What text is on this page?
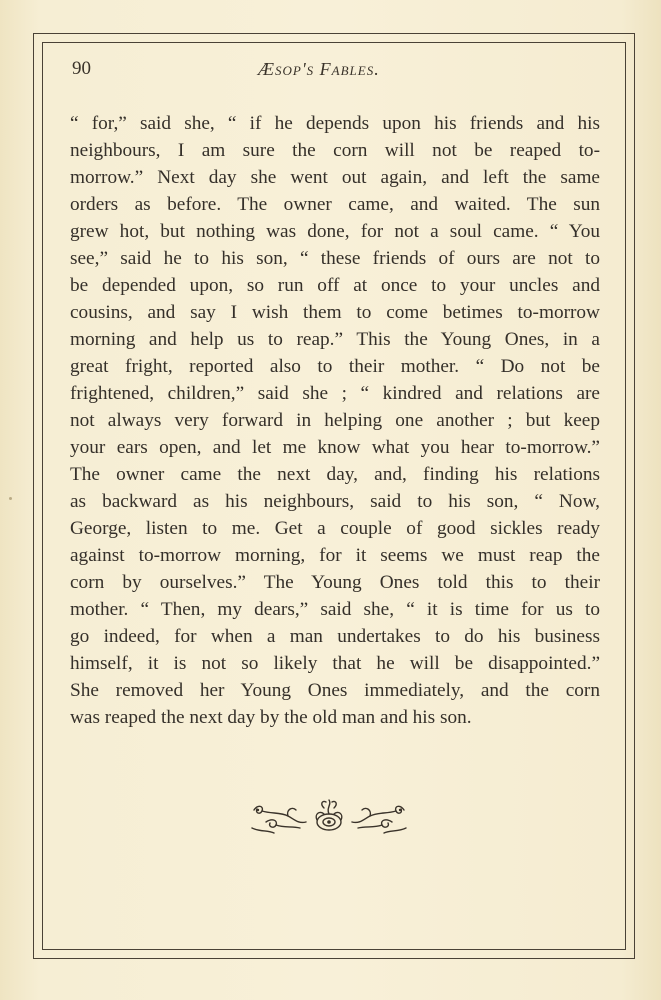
90	Æsop's Fables.
“ for,” said she, “ if he depends upon his friends and his
neighbours, I am sure the corn will not be reaped to-
morrow.” Next day she went out again, and left the same
orders as before. The owner came, and waited. The sun
grew hot, but nothing was done, for not a soul came. “ You
see,” said he to his son, “ these friends of ours are not to
be depended upon, so run off at once to your uncles and
cousins, and say I wish them to come betimes to-morrow
morning and help us to reap.” This the Young Ones, in a
great fright, reported also to their mother. “ Do not be
frightened, children,” said she ; “ kindred and relations are
not always very forward in helping one another ; but keep
your ears open, and let me know what you hear to-morrow.”
The owner came the next day, and, finding his relations
as backward as his neighbours, said to his son, “ Now,
George, listen to me. Get a couple of good sickles ready
against to-morrow morning, for it seems we must reap the
corn by ourselves.” The Young Ones told this to their
mother. “ Then, my dears,” said she, “ it is time for us to
go indeed, for when a man undertakes to do his business
himself, it is not so likely that he will be disappointed.”
She removed her Young Ones immediately, and the corn
was reaped the next day by the old man and his son.
